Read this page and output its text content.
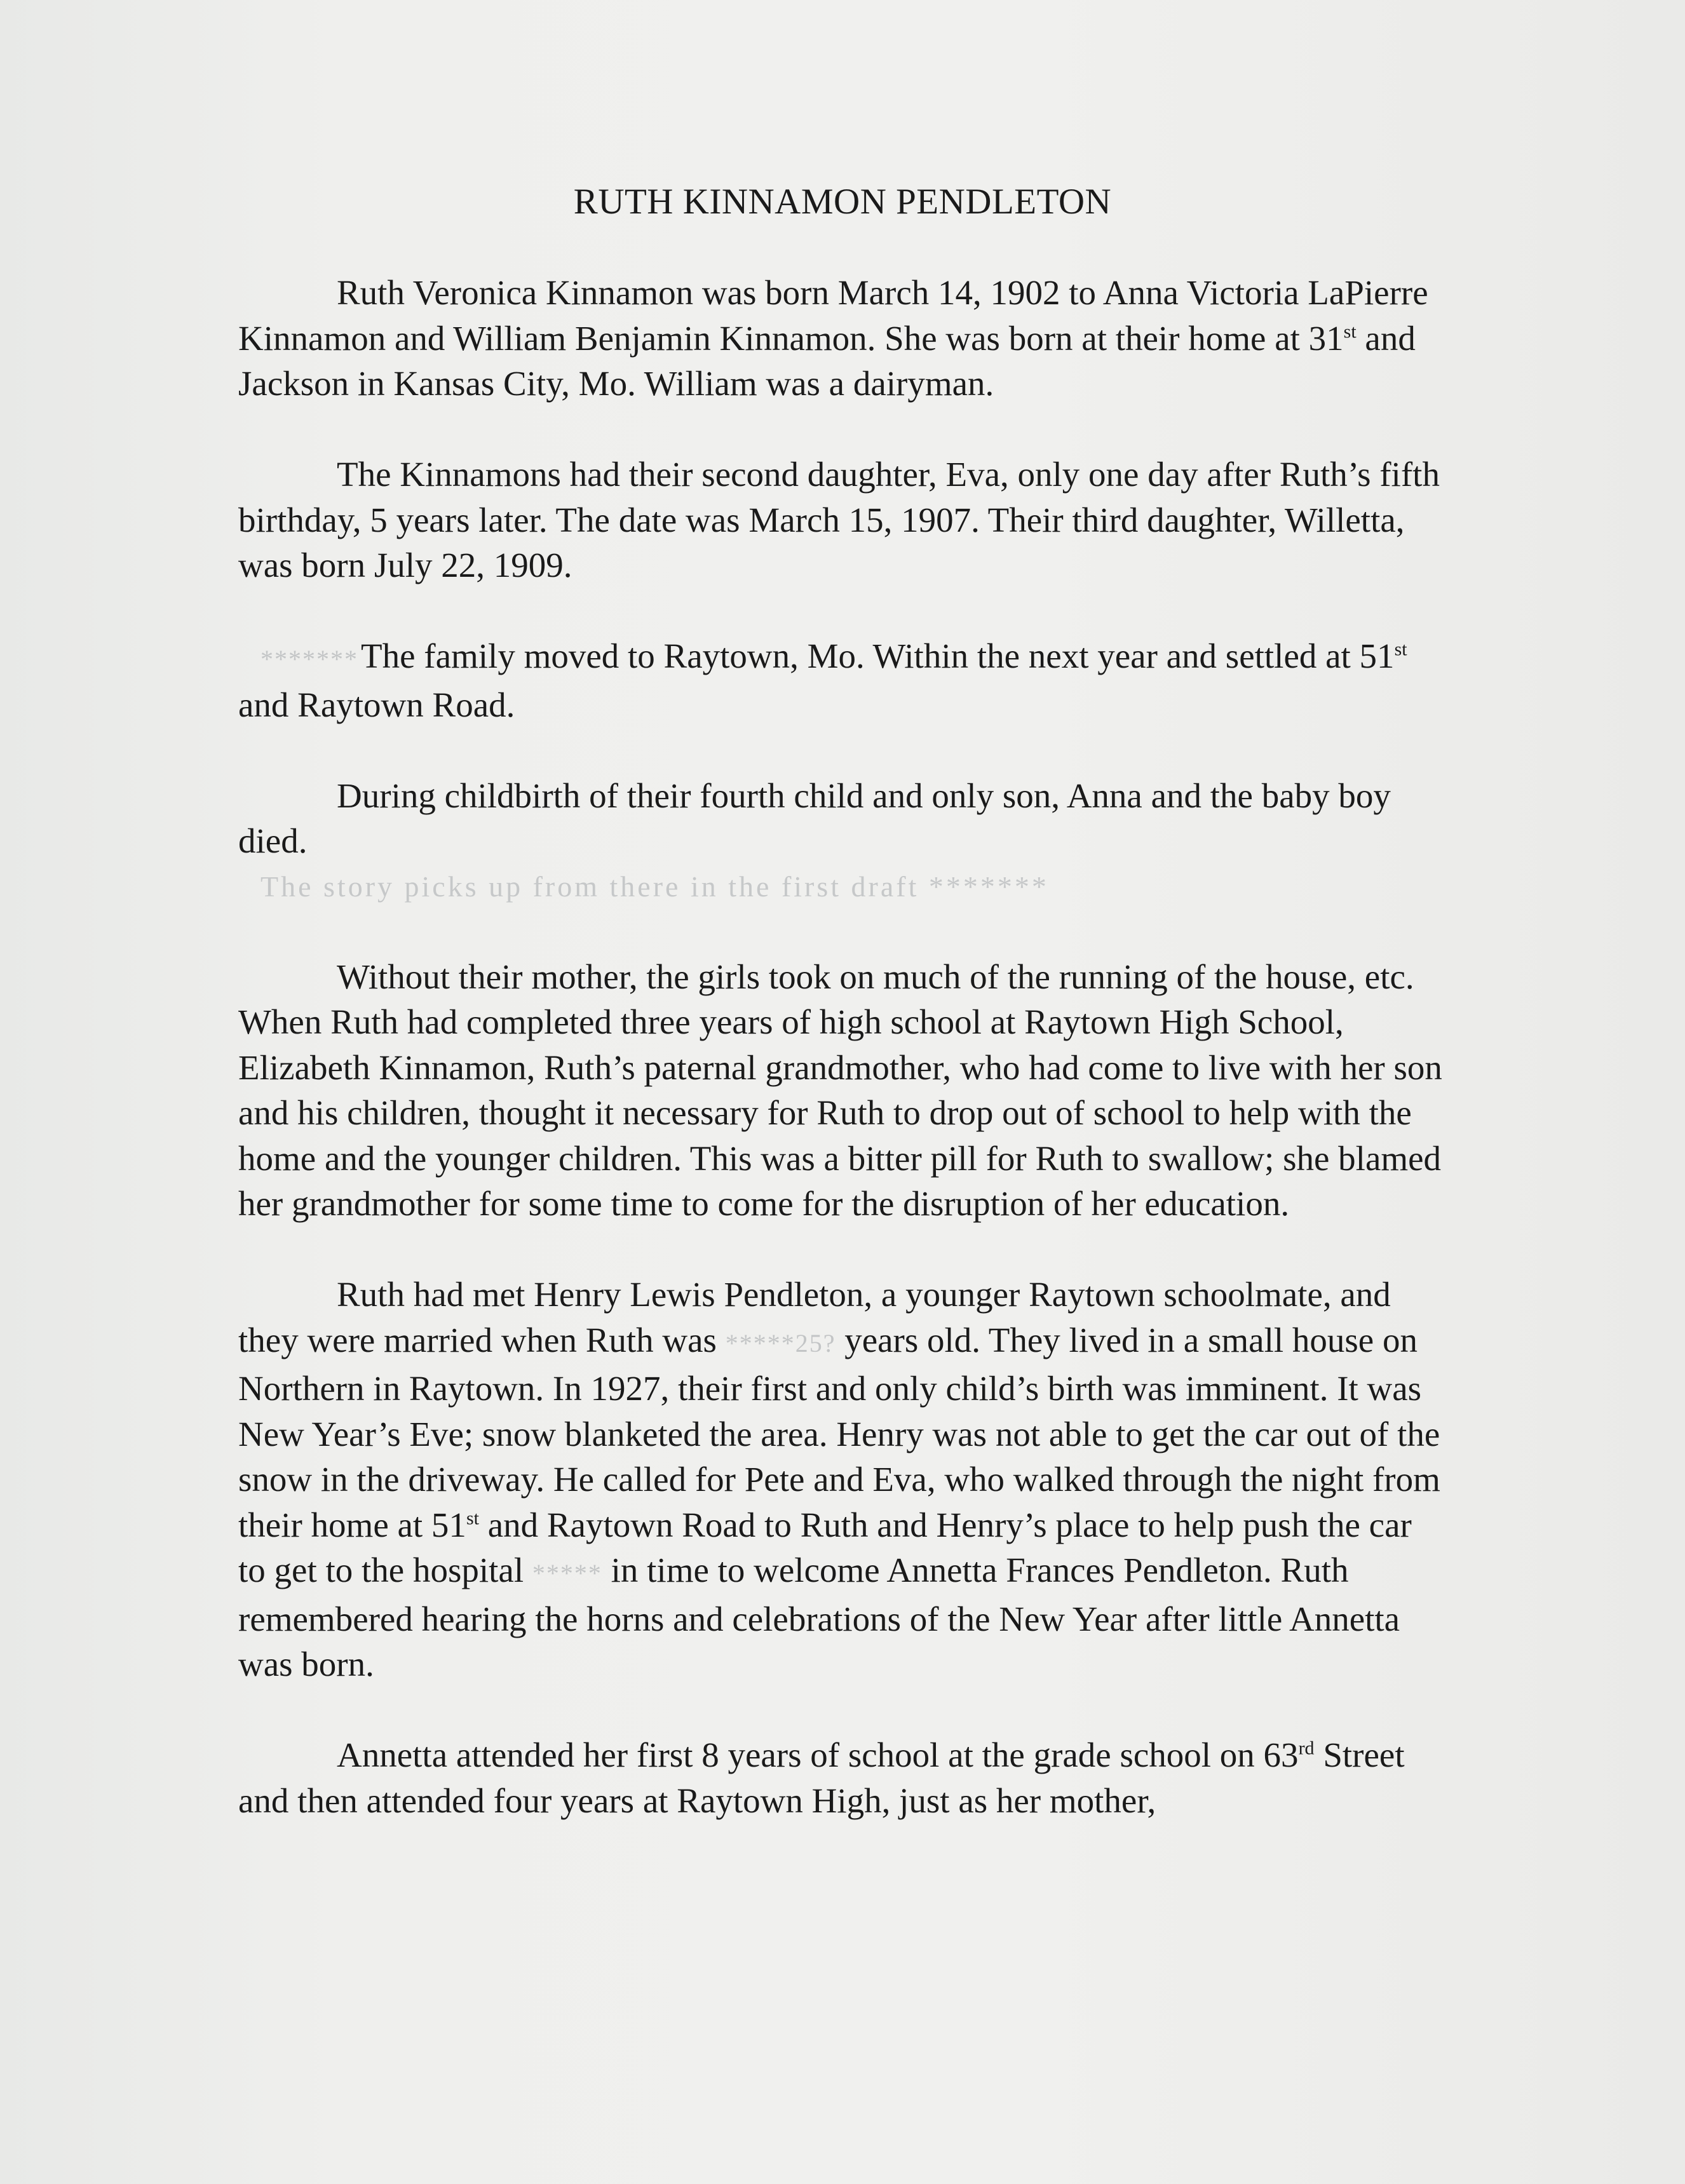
RUTH KINNAMON PENDLETON

Ruth Veronica Kinnamon was born March 14, 1902 to Anna Victoria LaPierre Kinnamon and William Benjamin Kinnamon. She was born at their home at 31st and Jackson in Kansas City, Mo. William was a dairyman.

The Kinnamons had their second daughter, Eva, only one day after Ruth’s fifth birthday, 5 years later. The date was March 15, 1907. Their third daughter, Willetta, was born July 22, 1909.

*******The family moved to Raytown, Mo. Within the next year and settled at 51st and Raytown Road.

During childbirth of their fourth child and only son, Anna and the baby boy died.

The story picks up from there in the first draft *******

Without their mother, the girls took on much of the running of the house, etc. When Ruth had completed three years of high school at Raytown High School, Elizabeth Kinnamon, Ruth’s paternal grandmother, who had come to live with her son and his children, thought it necessary for Ruth to drop out of school to help with the home and the younger children. This was a bitter pill for Ruth to swallow; she blamed her grandmother for some time to come for the disruption of her education.

Ruth had met Henry Lewis Pendleton, a younger Raytown schoolmate, and they were married when Ruth was *****25? years old. They lived in a small house on Northern in Raytown. In 1927, their first and only child’s birth was imminent. It was New Year’s Eve; snow blanketed the area. Henry was not able to get the car out of the snow in the driveway. He called for Pete and Eva, who walked through the night from their home at 51st and Raytown Road to Ruth and Henry’s place to help push the car to get to the hospital ***** in time to welcome Annetta Frances Pendleton. Ruth remembered hearing the horns and celebrations of the New Year after little Annetta was born.

Annetta attended her first 8 years of school at the grade school on 63rd Street and then attended four years at Raytown High, just as her mother,
